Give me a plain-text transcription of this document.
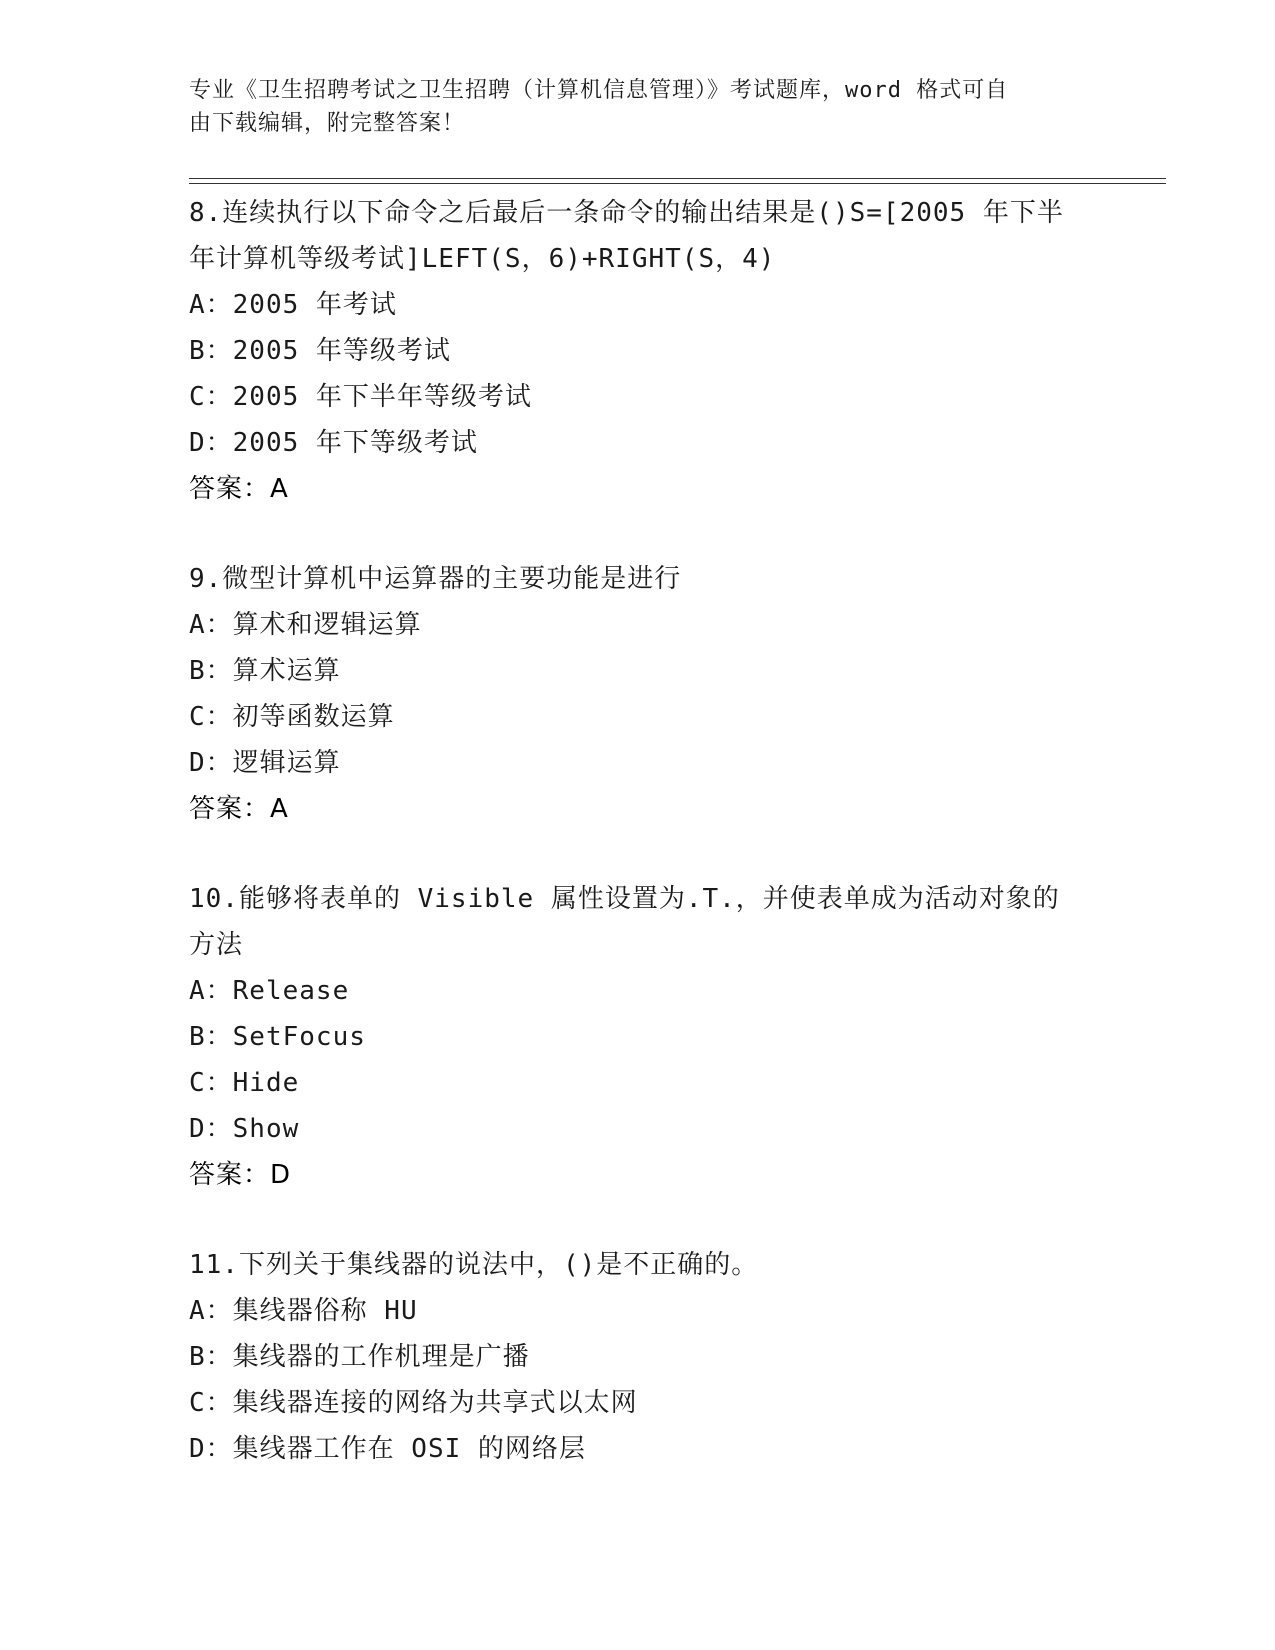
专业《卫生招聘考试之卫生招聘（计算机信息管理）》考试题库，word 格式可自
由下载编辑，附完整答案！
8.连续执行以下命令之后最后一条命令的输出结果是()S=[2005 年下半
年计算机等级考试]LEFT(S，6)+RIGHT(S，4)
A：2005 年考试
B：2005 年等级考试
C：2005 年下半年等级考试
D：2005 年下等级考试
答案：A
9.微型计算机中运算器的主要功能是进行
A：算术和逻辑运算
B：算术运算
C：初等函数运算
D：逻辑运算
答案：A
10.能够将表单的 Visible 属性设置为.T.，并使表单成为活动对象的
方法
A：Release
B：SetFocus
C：Hide
D：Show
答案：D
11.下列关于集线器的说法中，()是不正确的。
A：集线器俗称 HU
B：集线器的工作机理是广播
C：集线器连接的网络为共享式以太网
D：集线器工作在 OSI 的网络层
